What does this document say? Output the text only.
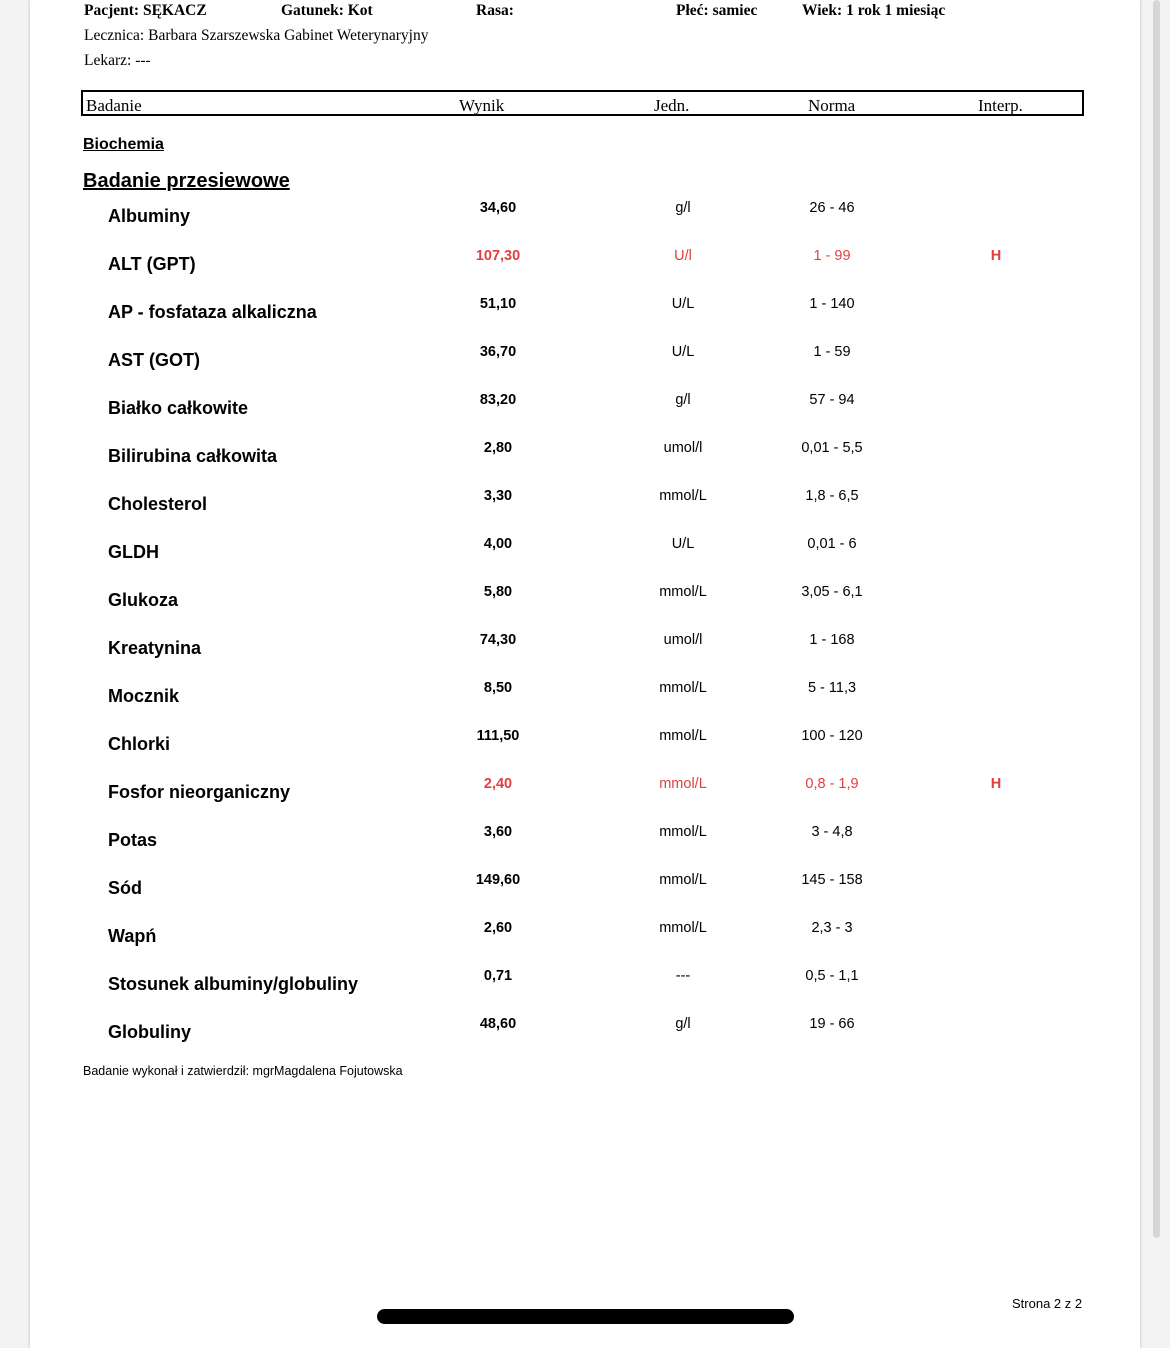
Pacjent: SĘKACZ	Gatunek: Kot	Rasa:	Płeć: samiec	Wiek: 1 rok 1 miesiąc
Lecznica: Barbara Szarszewska Gabinet Weterynaryjny
Lekarz: ---
Badanie	Wynik	Jedn.	Norma	Interp.
Biochemia
Badanie przesiewowe
Albuminy	34,60	g/l	26 - 46
ALT (GPT)	107,30	U/l	1 - 99	H
AP - fosfataza alkaliczna	51,10	U/L	1 - 140
AST (GOT)	36,70	U/L	1 - 59
Białko całkowite	83,20	g/l	57 - 94
Bilirubina całkowita	2,80	umol/l	0,01 - 5,5
Cholesterol	3,30	mmol/L	1,8 - 6,5
GLDH	4,00	U/L	0,01 - 6
Glukoza	5,80	mmol/L	3,05 - 6,1
Kreatynina	74,30	umol/l	1 - 168
Mocznik	8,50	mmol/L	5 - 11,3
Chlorki	111,50	mmol/L	100 - 120
Fosfor nieorganiczny	2,40	mmol/L	0,8 - 1,9	H
Potas	3,60	mmol/L	3 - 4,8
Sód	149,60	mmol/L	145 - 158
Wapń	2,60	mmol/L	2,3 - 3
Stosunek albuminy/globuliny	0,71	---	0,5 - 1,1
Globuliny	48,60	g/l	19 - 66
Badanie wykonał i zatwierdził: mgrMagdalena Fojutowska
Strona 2 z 2
